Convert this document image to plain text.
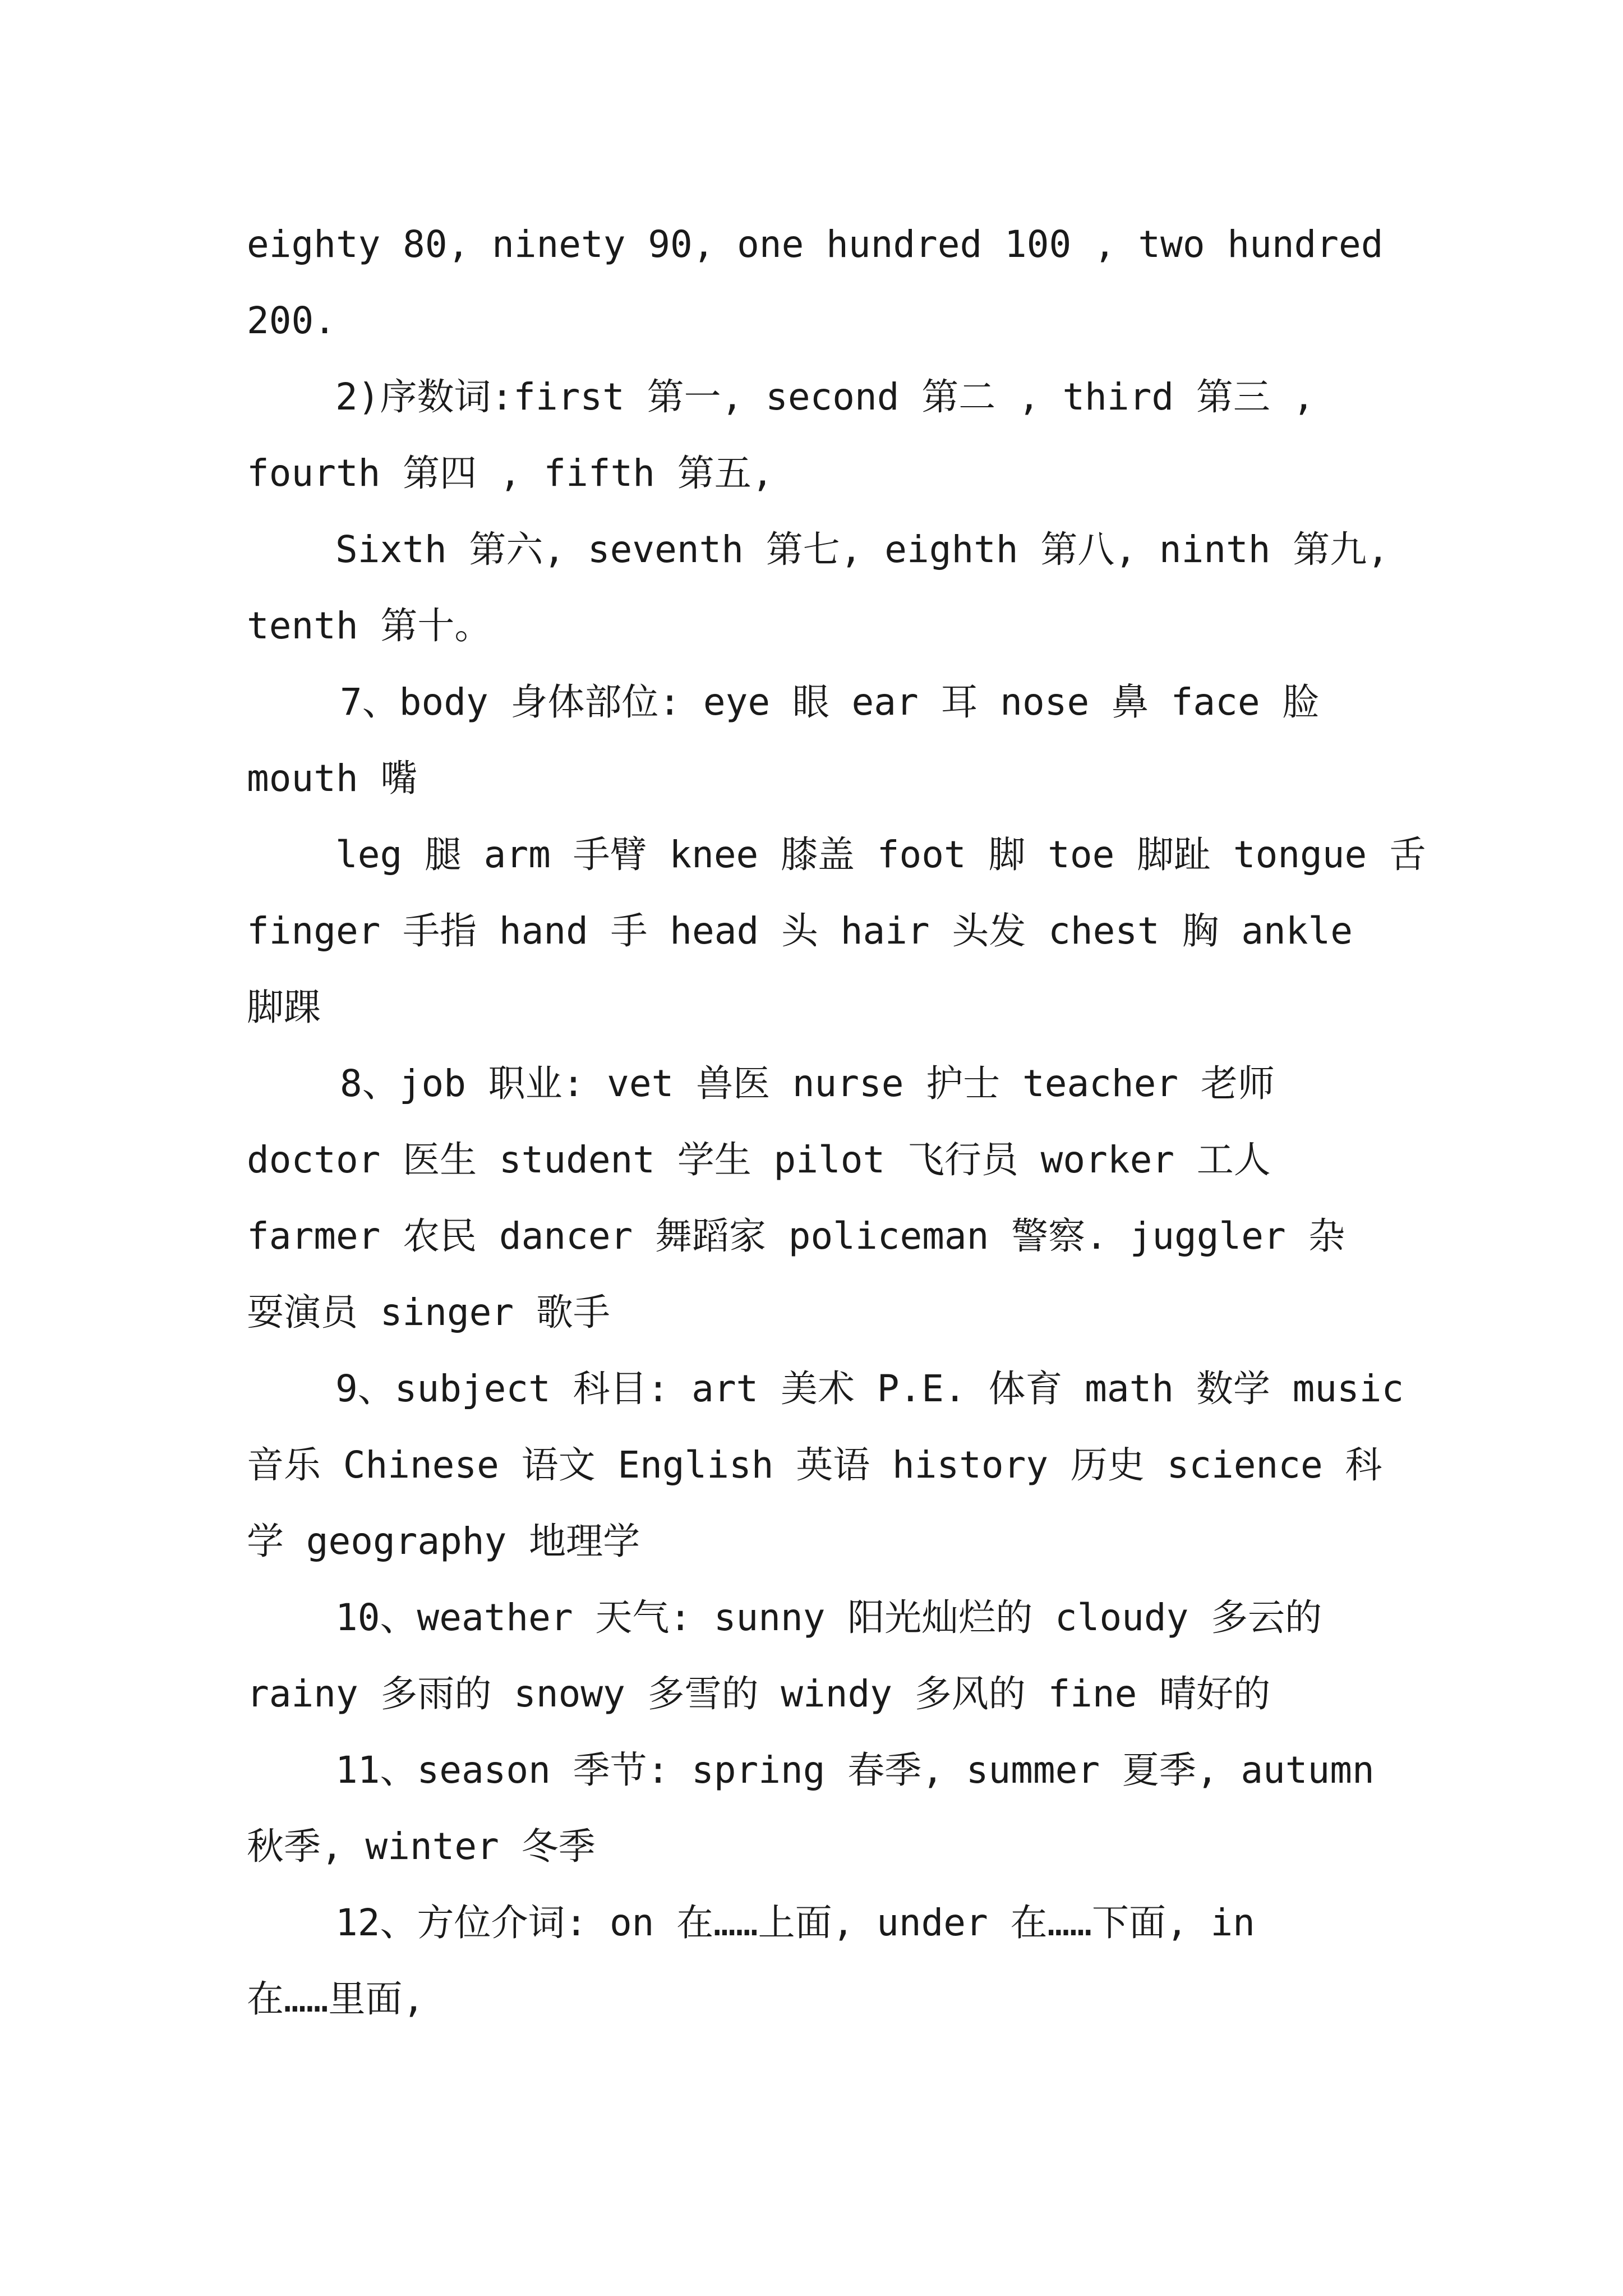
eighty 80, ninety 90, one hundred 100 , two hundred
200.
2)序数词:first 第一, second 第二 , third 第三 ,
fourth 第四 , fifth 第五,
Sixth 第六, seventh 第七, eighth 第八, ninth 第九,
tenth 第十。
7、body 身体部位: eye 眼 ear 耳 nose 鼻 face 脸
mouth 嘴
leg 腿 arm 手臂 knee 膝盖 foot 脚 toe 脚趾 tongue 舌
finger 手指 hand 手 head 头 hair 头发 chest 胸 ankle
脚踝
8、job 职业: vet 兽医 nurse 护士 teacher 老师
doctor 医生 student 学生 pilot 飞行员 worker 工人
farmer 农民 dancer 舞蹈家 policeman 警察. juggler 杂
耍演员 singer 歌手
9、subject 科目: art 美术 P.E. 体育 math 数学 music
音乐 Chinese 语文 English 英语 history 历史 science 科
学 geography 地理学
10、weather 天气: sunny 阳光灿烂的 cloudy 多云的
rainy 多雨的 snowy 多雪的 windy 多风的 fine 晴好的
11、season 季节: spring 春季, summer 夏季, autumn
秋季, winter 冬季
12、方位介词: on 在……上面, under 在……下面, in
在……里面,
